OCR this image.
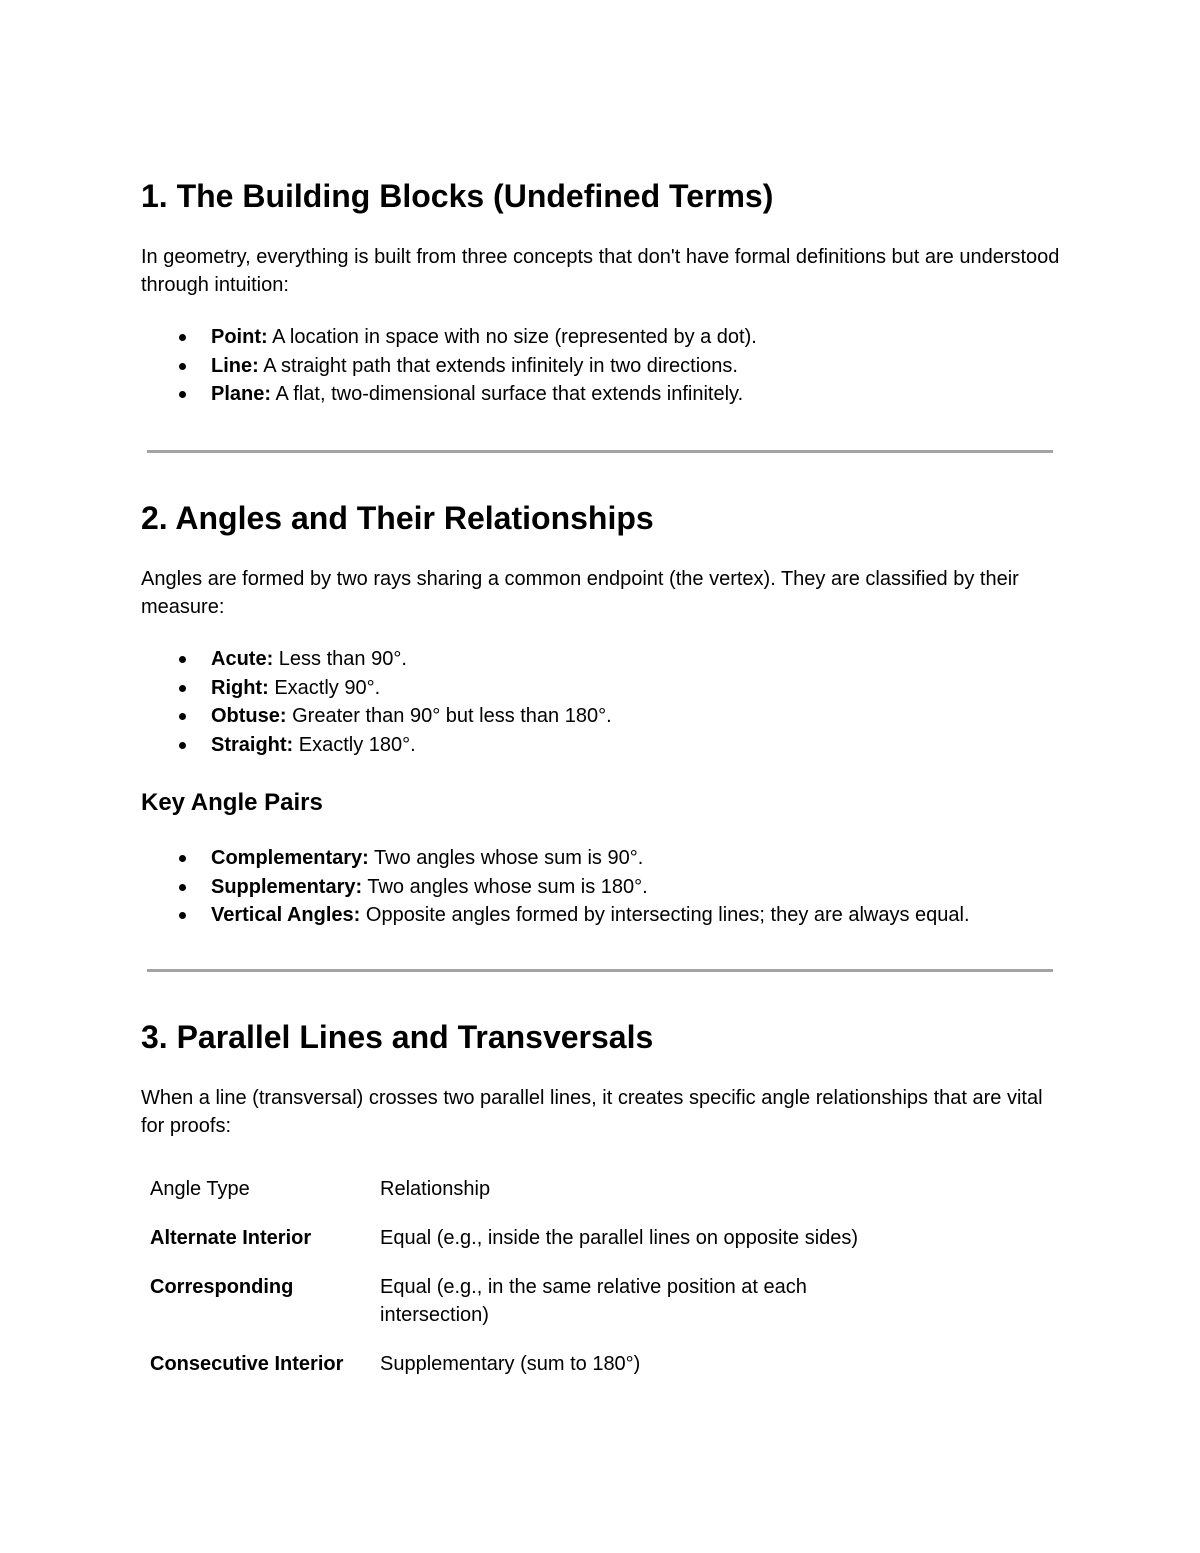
1. The Building Blocks (Undefined Terms)

In geometry, everything is built from three concepts that don't have formal definitions but are understood through intuition:

Point: A location in space with no size (represented by a dot).
Line: A straight path that extends infinitely in two directions.
Plane: A flat, two-dimensional surface that extends infinitely.
2. Angles and Their Relationships

Angles are formed by two rays sharing a common endpoint (the vertex). They are classified by their measure:

Acute: Less than 90°.
Right: Exactly 90°.
Obtuse: Greater than 90° but less than 180°.
Straight: Exactly 180°.
Key Angle Pairs
Complementary: Two angles whose sum is 90°.
Supplementary: Two angles whose sum is 180°.
Vertical Angles: Opposite angles formed by intersecting lines; they are always equal.
3. Parallel Lines and Transversals

When a line (transversal) crosses two parallel lines, it creates specific angle relationships that are vital for proofs:

Angle Type	Relationship
Alternate Interior	Equal (e.g., inside the parallel lines on opposite sides)
Corresponding	Equal (e.g., in the same relative position at each intersection)
Consecutive Interior	Supplementary (sum to 180°)
